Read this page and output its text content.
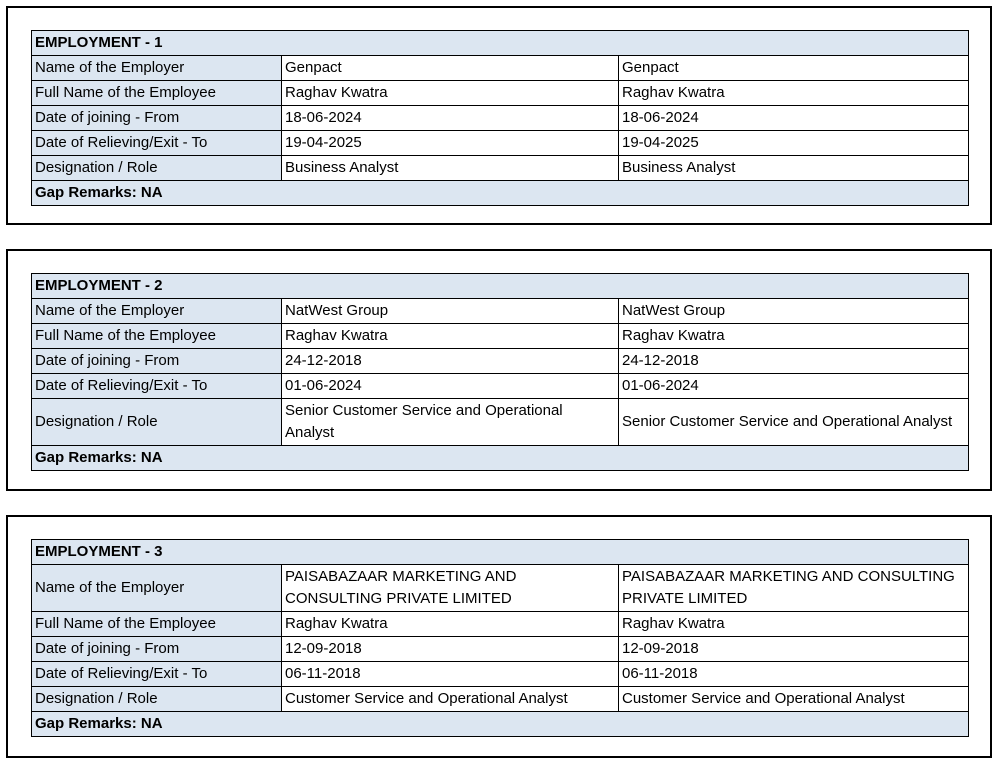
EMPLOYMENT - 1		
Name of the Employer	Genpact	Genpact
Full Name of the Employee	Raghav Kwatra	Raghav Kwatra
Date of joining - From	18-06-2024	18-06-2024
Date of Relieving/Exit - To	19-04-2025	19-04-2025
Designation / Role	Business Analyst	Business Analyst
Gap Remarks: NA		
EMPLOYMENT - 2		
Name of the Employer	NatWest Group	NatWest Group
Full Name of the Employee	Raghav Kwatra	Raghav Kwatra
Date of joining - From	24-12-2018	24-12-2018
Date of Relieving/Exit - To	01-06-2024	01-06-2024
Designation / Role	Senior Customer Service and Operational Analyst	Senior Customer Service and Operational Analyst
Gap Remarks: NA		
EMPLOYMENT - 3		
Name of the Employer	PAISABAZAAR MARKETING AND CONSULTING PRIVATE LIMITED	PAISABAZAAR MARKETING AND CONSULTING PRIVATE LIMITED
Full Name of the Employee	Raghav Kwatra	Raghav Kwatra
Date of joining - From	12-09-2018	12-09-2018
Date of Relieving/Exit - To	06-11-2018	06-11-2018
Designation / Role	Customer Service and Operational Analyst	Customer Service and Operational Analyst
Gap Remarks: NA		
